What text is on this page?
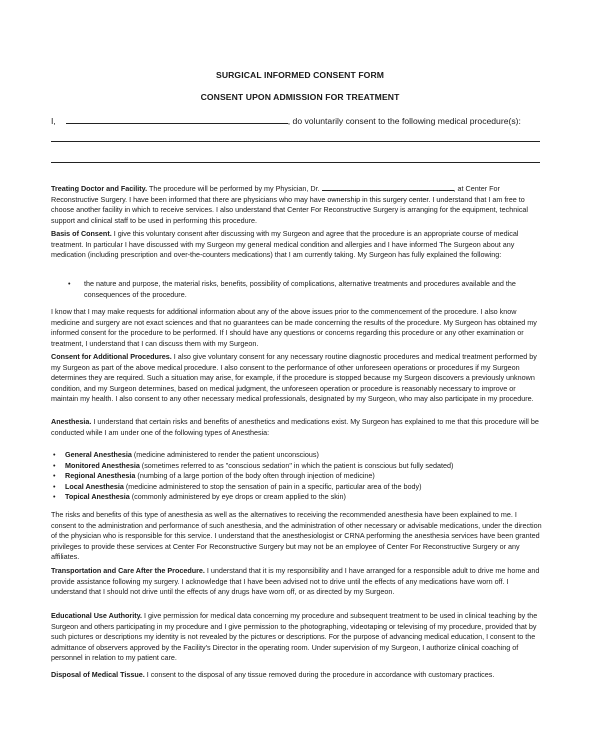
SURGICAL INFORMED CONSENT FORM
CONSENT UPON ADMISSION FOR TREATMENT
I,	, do voluntarily consent to the following medical procedure(s):

Treating Doctor and Facility. The procedure will be performed by my Physician, Dr.	, at Center For Reconstructive Surgery. I have been informed that there are physicians who may have ownership in this surgery center. I understand that I am free to choose another facility in which to receive services. I also understand that Center For Reconstructive Surgery is arranging for the equipment, technical support and clinical staff to be used in performing this procedure.

Basis of Consent. I give this voluntary consent after discussing with my Surgeon and agree that the procedure is an appropriate course of medical treatment. In particular I have discussed with my Surgeon my general medical condition and allergies and I have informed The Surgeon about any medication (including prescription and over-the-counters medications) that I am currently taking. My Surgeon has fully explained the following:

• the nature and purpose, the material risks, benefits, possibility of complications, alternative treatments and procedures available and the consequences of the procedure.

I know that I may make requests for additional information about any of the above issues prior to the commencement of the procedure. I also know medicine and surgery are not exact sciences and that no guarantees can be made concerning the results of the procedure. My Surgeon has obtained my informed consent for the procedure to be performed. If I should have any questions or concerns regarding this procedure or any other examination or treatment, I understand that I can discuss them with my Surgeon.

Consent for Additional Procedures. I also give voluntary consent for any necessary routine diagnostic procedures and medical treatment performed by my Surgeon as part of the above medical procedure. I also consent to the performance of other unforeseen operations or procedures if my Surgeon determines they are required. Such a situation may arise, for example, if the procedure is stopped because my Surgeon discovers a previously unknown condition, and my Surgeon determines, based on medical judgment, the unforeseen operation or procedure is reasonably necessary to improve or maintain my health. I also consent to any other necessary medical professionals, designated by my Surgeon, who may also participate in my procedure.

Anesthesia. I understand that certain risks and benefits of anesthetics and medications exist. My Surgeon has explained to me that this procedure will be conducted while I am under one of the following types of Anesthesia:

• General Anesthesia (medicine administered to render the patient unconscious)
• Monitored Anesthesia (sometimes referred to as "conscious sedation" in which the patient is conscious but fully sedated)
• Regional Anesthesia (numbing of a large portion of the body often through injection of medicine)
• Local Anesthesia (medicine administered to stop the sensation of pain in a specific, particular area of the body)
• Topical Anesthesia (commonly administered by eye drops or cream applied to the skin)

The risks and benefits of this type of anesthesia as well as the alternatives to receiving the recommended anesthesia have been explained to me. I consent to the administration and performance of such anesthesia, and the administration of other necessary or advisable medications, under the direction of the physician who is responsible for this service. I understand that the anesthesiologist or CRNA performing the anesthesia services have been granted privileges to provide these services at Center For Reconstructive Surgery but may not be an employee of Center For Reconstructive Surgery or any affiliates.

Transportation and Care After the Procedure. I understand that it is my responsibility and I have arranged for a responsible adult to drive me home and provide assistance following my surgery. I acknowledge that I have been advised not to drive until the effects of any medications have worn off. I understand that I should not drive until the effects of any drugs have worn off, or as directed by my Surgeon.

Educational Use Authority. I give permission for medical data concerning my procedure and subsequent treatment to be used in clinical teaching by the Surgeon and others participating in my procedure and I give permission to the photographing, videotaping or televising of my procedure, provided that by such pictures or descriptions my identity is not revealed by the pictures or descriptions. For the purpose of advancing medical education, I consent to the admittance of observers approved by the Facility's Director in the operating room. Under supervision of my Surgeon, I authorize clinical coaching of personnel in relation to my patient care.

Disposal of Medical Tissue. I consent to the disposal of any tissue removed during the procedure in accordance with customary practices.
